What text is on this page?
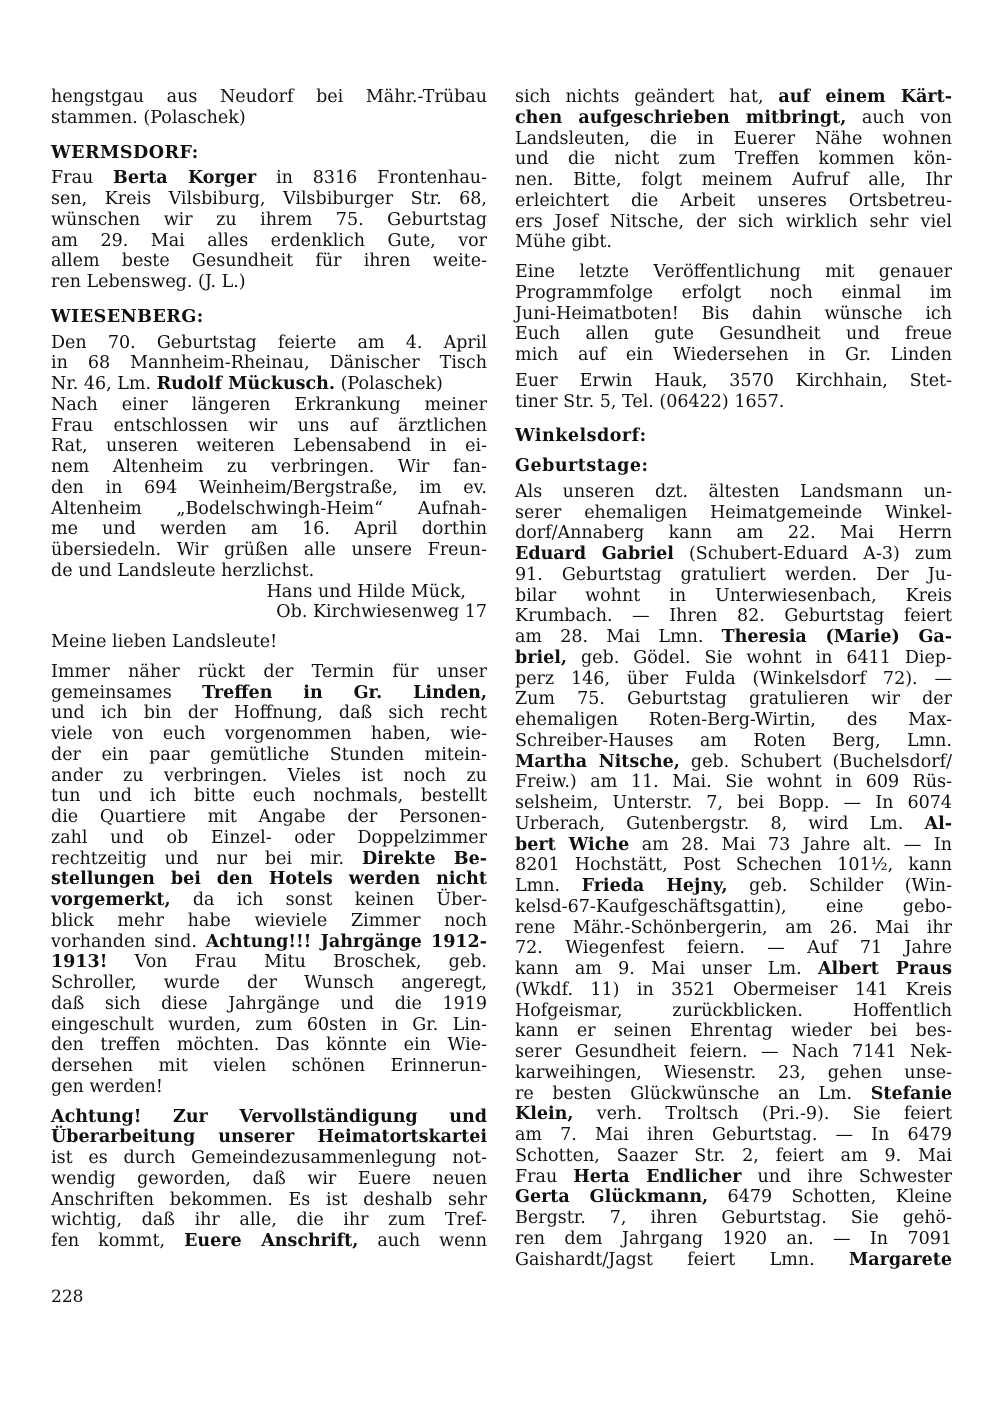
hengstgau aus Neudorf bei Mähr.-Trübau
stammen. (Polaschek)
WERMSDORF:
Frau Berta Korger in 8316 Frontenhau-
sen, Kreis Vilsbiburg, Vilsbiburger Str. 68,
wünschen wir zu ihrem 75. Geburtstag
am 29. Mai alles erdenklich Gute, vor
allem beste Gesundheit für ihren weite-
ren Lebensweg. (J. L.)
WIESENBERG:
Den 70. Geburtstag feierte am 4. April
in 68 Mannheim-Rheinau, Dänischer Tisch
Nr. 46, Lm. Rudolf Mückusch. (Polaschek)
Nach einer längeren Erkrankung meiner
Frau entschlossen wir uns auf ärztlichen
Rat, unseren weiteren Lebensabend in ei-
nem Altenheim zu verbringen. Wir fan-
den in 694 Weinheim/Bergstraße, im ev.
Altenheim „Bodelschwingh-Heim“ Aufnah-
me und werden am 16. April dorthin
übersiedeln. Wir grüßen alle unsere Freun-
de und Landsleute herzlichst.
Hans und Hilde Mück,
Ob. Kirchwiesenweg 17
Meine lieben Landsleute!
Immer näher rückt der Termin für unser
gemeinsames Treffen in Gr. Linden,
und ich bin der Hoffnung, daß sich recht
viele von euch vorgenommen haben, wie-
der ein paar gemütliche Stunden mitein-
ander zu verbringen. Vieles ist noch zu
tun und ich bitte euch nochmals, bestellt
die Quartiere mit Angabe der Personen-
zahl und ob Einzel- oder Doppelzimmer
rechtzeitig und nur bei mir. Direkte Be-
stellungen bei den Hotels werden nicht
vorgemerkt, da ich sonst keinen Über-
blick mehr habe wieviele Zimmer noch
vorhanden sind. Achtung!!! Jahrgänge 1912-
1913! Von Frau Mitu Broschek, geb.
Schroller, wurde der Wunsch angeregt,
daß sich diese Jahrgänge und die 1919
eingeschult wurden, zum 60sten in Gr. Lin-
den treffen möchten. Das könnte ein Wie-
dersehen mit vielen schönen Erinnerun-
gen werden!
Achtung! Zur Vervollständigung und
Überarbeitung unserer Heimatortskartei
ist es durch Gemeindezusammenlegung not-
wendig geworden, daß wir Euere neuen
Anschriften bekommen. Es ist deshalb sehr
wichtig, daß ihr alle, die ihr zum Tref-
fen kommt, Euere Anschrift, auch wenn
sich nichts geändert hat, auf einem Kärt-
chen aufgeschrieben mitbringt, auch von
Landsleuten, die in Euerer Nähe wohnen
und die nicht zum Treffen kommen kön-
nen. Bitte, folgt meinem Aufruf alle, Ihr
erleichtert die Arbeit unseres Ortsbetreu-
ers Josef Nitsche, der sich wirklich sehr viel
Mühe gibt.
Eine letzte Veröffentlichung mit genauer
Programmfolge erfolgt noch einmal im
Juni-Heimatboten! Bis dahin wünsche ich
Euch allen gute Gesundheit und freue
mich auf ein Wiedersehen in Gr. Linden
Euer Erwin Hauk, 3570 Kirchhain, Stet-
tiner Str. 5, Tel. (06422) 1657.
Winkelsdorf:
Geburtstage:
Als unseren dzt. ältesten Landsmann un-
serer ehemaligen Heimatgemeinde Winkel-
dorf/Annaberg kann am 22. Mai Herrn
Eduard Gabriel (Schubert-Eduard A-3) zum
91. Geburtstag gratuliert werden. Der Ju-
bilar wohnt in Unterwiesenbach, Kreis
Krumbach. — Ihren 82. Geburtstag feiert
am 28. Mai Lmn. Theresia (Marie) Ga-
briel, geb. Gödel. Sie wohnt in 6411 Diep-
perz 146, über Fulda (Winkelsdorf 72). —
Zum 75. Geburtstag gratulieren wir der
ehemaligen Roten-Berg-Wirtin, des Max-
Schreiber-Hauses am Roten Berg, Lmn.
Martha Nitsche, geb. Schubert (Buchelsdorf/
Freiw.) am 11. Mai. Sie wohnt in 609 Rüs-
selsheim, Unterstr. 7, bei Bopp. — In 6074
Urberach, Gutenbergstr. 8, wird Lm. Al-
bert Wiche am 28. Mai 73 Jahre alt. — In
8201 Hochstätt, Post Schechen 101½, kann
Lmn. Frieda Hejny, geb. Schilder (Win-
kelsd-67-Kaufgeschäftsgattin), eine gebo-
rene Mähr.-Schönbergerin, am 26. Mai ihr
72. Wiegenfest feiern. — Auf 71 Jahre
kann am 9. Mai unser Lm. Albert Praus
(Wkdf. 11) in 3521 Obermeiser 141 Kreis
Hofgeismar, zurückblicken. Hoffentlich
kann er seinen Ehrentag wieder bei bes-
serer Gesundheit feiern. — Nach 7141 Nek-
karweihingen, Wiesenstr. 23, gehen unse-
re besten Glückwünsche an Lm. Stefanie
Klein, verh. Troltsch (Pri.-9). Sie feiert
am 7. Mai ihren Geburtstag. — In 6479
Schotten, Saazer Str. 2, feiert am 9. Mai
Frau Herta Endlicher und ihre Schwester
Gerta Glückmann, 6479 Schotten, Kleine
Bergstr. 7, ihren Geburtstag. Sie gehö-
ren dem Jahrgang 1920 an. — In 7091
Gaishardt/Jagst feiert Lmn. Margarete
228
